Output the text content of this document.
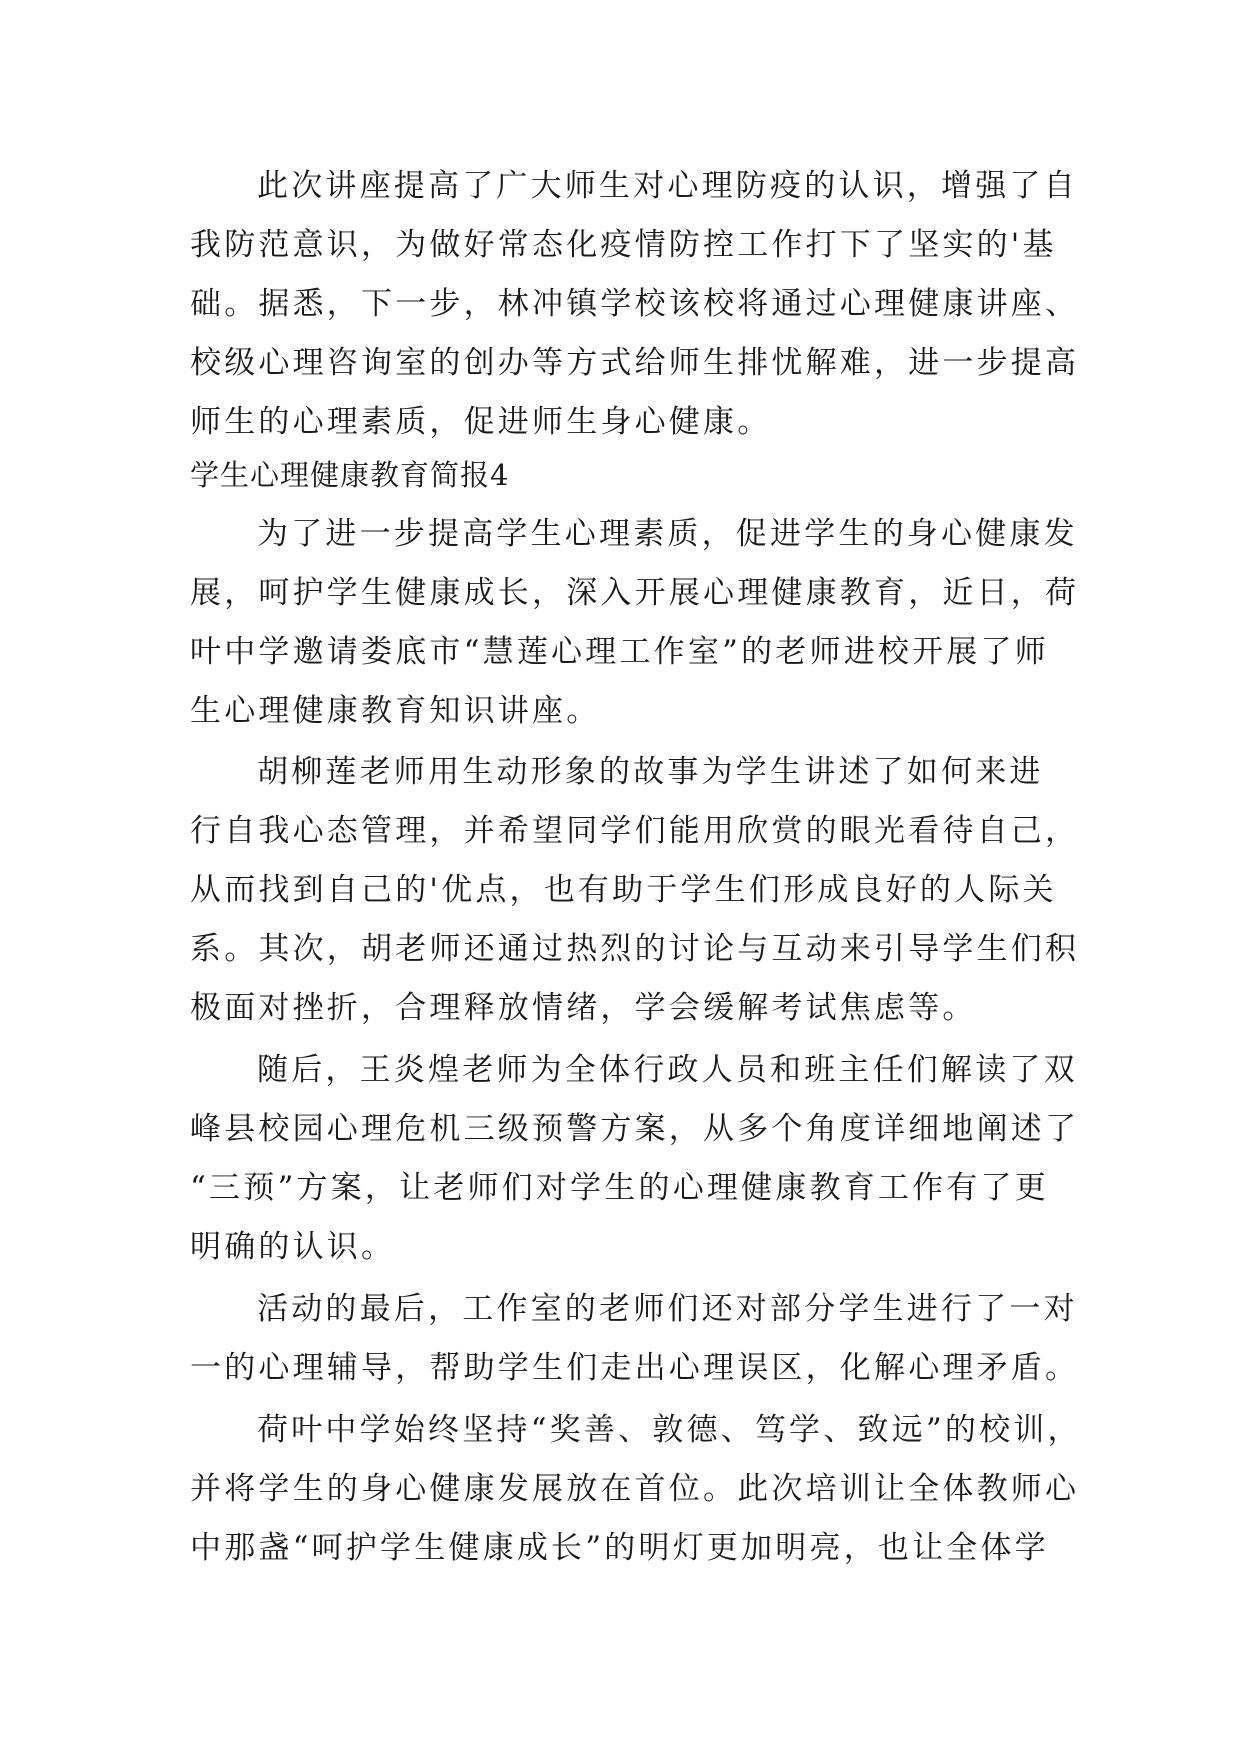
此次讲座提高了广大师生对心理防疫的认识，增强了自
我防范意识，为做好常态化疫情防控工作打下了坚实的'基
础。据悉，下一步，林冲镇学校该校将通过心理健康讲座、
校级心理咨询室的创办等方式给师生排忧解难，进一步提高
师生的心理素质，促进师生身心健康。
学生心理健康教育简报4
为了进一步提高学生心理素质，促进学生的身心健康发
展，呵护学生健康成长，深入开展心理健康教育，近日，荷
叶中学邀请娄底市“慧莲心理工作室”的老师进校开展了师
生心理健康教育知识讲座。
胡柳莲老师用生动形象的故事为学生讲述了如何来进
行自我心态管理，并希望同学们能用欣赏的眼光看待自己，
从而找到自己的'优点，也有助于学生们形成良好的人际关
系。其次，胡老师还通过热烈的讨论与互动来引导学生们积
极面对挫折，合理释放情绪，学会缓解考试焦虑等。
随后，王炎煌老师为全体行政人员和班主任们解读了双
峰县校园心理危机三级预警方案，从多个角度详细地阐述了
“三预”方案，让老师们对学生的心理健康教育工作有了更
明确的认识。
活动的最后，工作室的老师们还对部分学生进行了一对
一的心理辅导，帮助学生们走出心理误区，化解心理矛盾。
荷叶中学始终坚持“奖善、敦德、笃学、致远”的校训，
并将学生的身心健康发展放在首位。此次培训让全体教师心
中那盏“呵护学生健康成长”的明灯更加明亮，也让全体学
